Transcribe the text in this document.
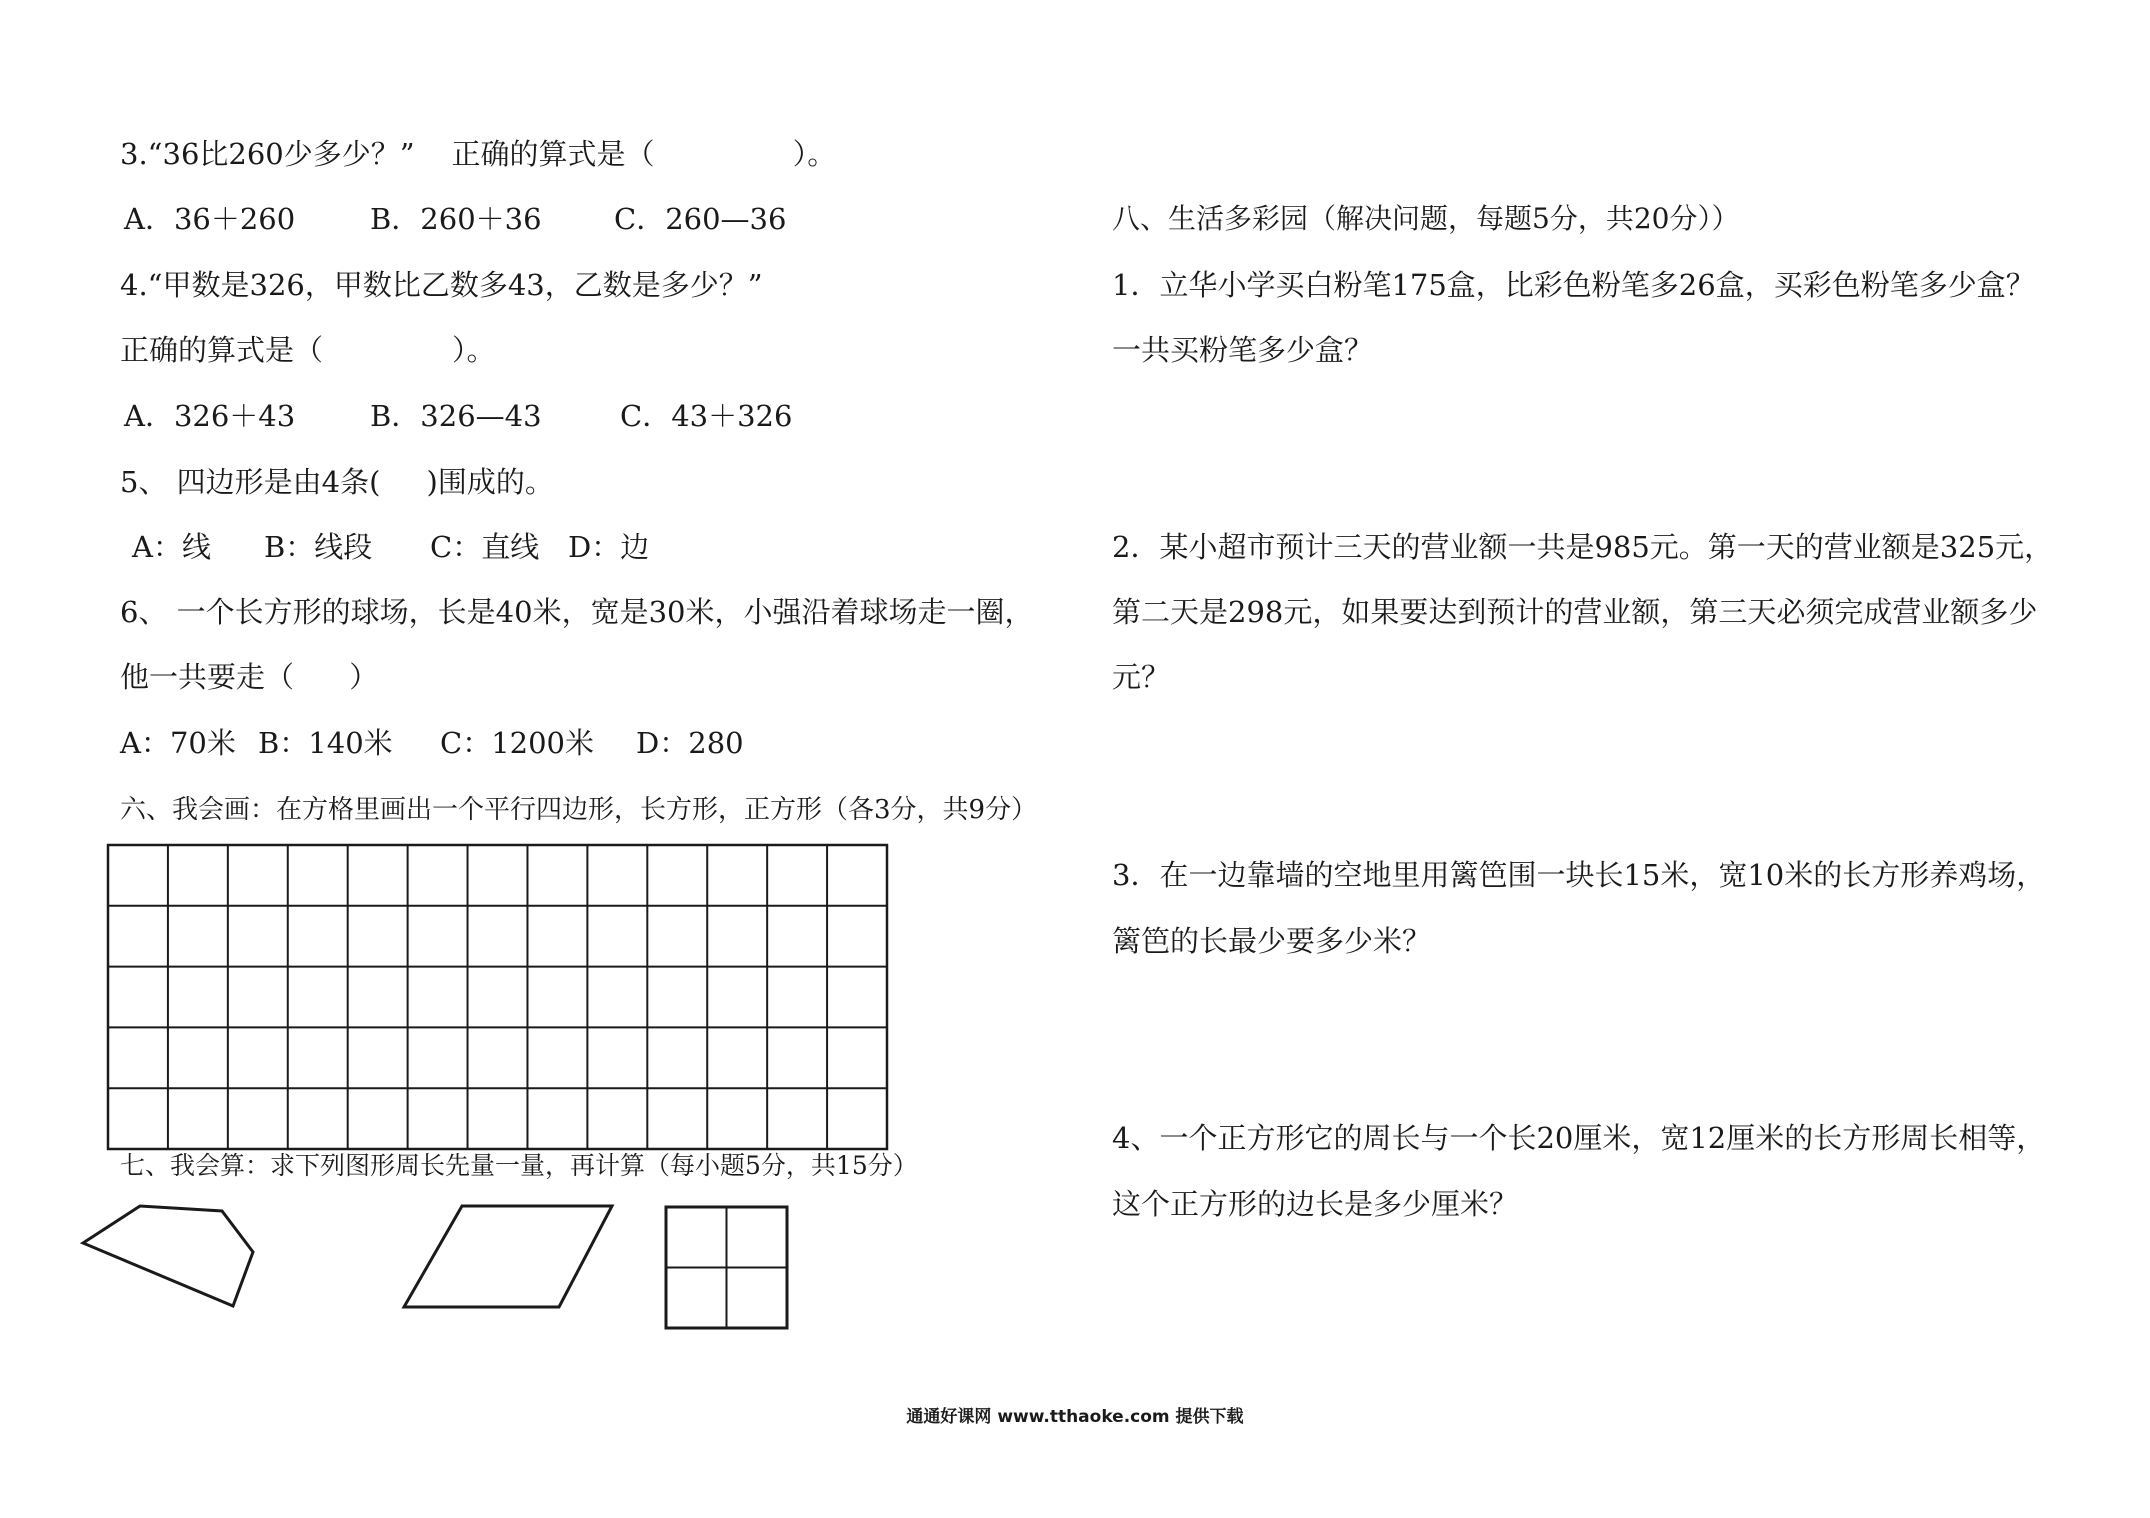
3.“36比260少多少？”    正确的算式是（               ）。

A．36＋260

	B．260＋36

C．260—36

4.“甲数是326，甲数比乙数多43，乙数是多少？”
正确的算式是（              ）。

A．326＋43

	B．326—43

	C．43＋326

5、 四边形是由4条(     )围成的。

A：线

B：线段

C：直线

D：边

6、 一个长方形的球场，长是40米，宽是30米，小强沿着球场走一圈，
他一共要走（      ）

A：70米

B：140米

C：1200米

D：280

六、我会画：在方格里画出一个平行四边形，长方形，正方形（各3分，共9分）
七、我会算：求下列图形周长先量一量，再计算（每小题5分，共15分）
八、生活多彩园（解决问题，每题5分，共20分））
1．立华小学买白粉笔175盒，比彩色粉笔多26盒，买彩色粉笔多少盒？
一共买粉笔多少盒？
2．某小超市预计三天的营业额一共是985元。第一天的营业额是325元，
第二天是298元，如果要达到预计的营业额，第三天必须完成营业额多少
元？
3．在一边靠墙的空地里用篱笆围一块长15米，宽10米的长方形养鸡场，
篱笆的长最少要多少米？
4、一个正方形它的周长与一个长20厘米，宽12厘米的长方形周长相等，
这个正方形的边长是多少厘米？
通通好课网 www.tthaoke.com 提供下载
